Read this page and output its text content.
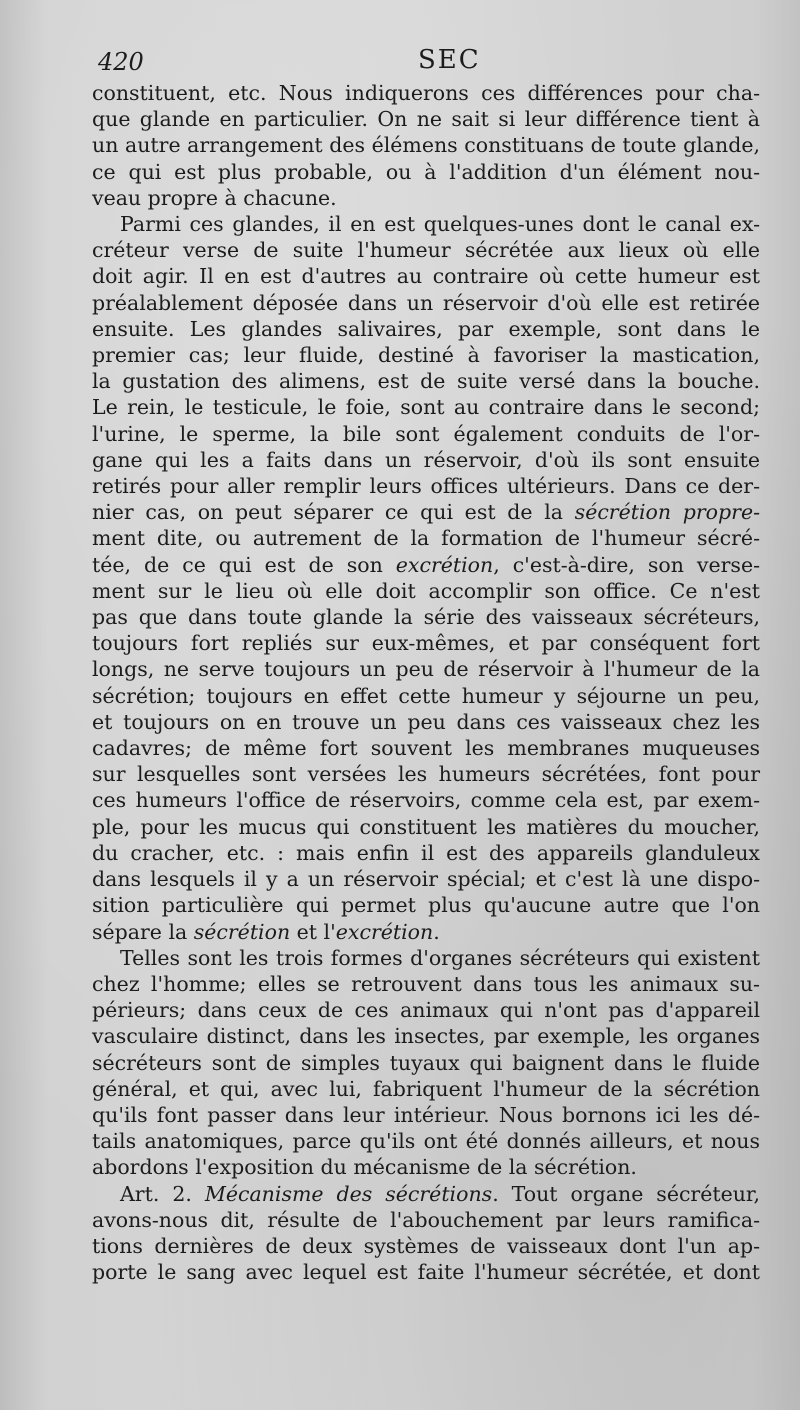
420	SEC

constituent, etc. Nous indiquerons ces différences pour cha-
que glande en particulier. On ne sait si leur différence tient à
un autre arrangement des élémens constituans de toute glande,
ce qui est plus probable, ou à l'addition d'un élément nou-
veau propre à chacune.

Parmi ces glandes, il en est quelques-unes dont le canal ex-
créteur verse de suite l'humeur sécrétée aux lieux où elle
doit agir. Il en est d'autres au contraire où cette humeur est
préalablement déposée dans un réservoir d'où elle est retirée
ensuite. Les glandes salivaires, par exemple, sont dans le
premier cas; leur fluide, destiné à favoriser la mastication,
la gustation des alimens, est de suite versé dans la bouche.
Le rein, le testicule, le foie, sont au contraire dans le second;
l'urine, le sperme, la bile sont également conduits de l'or-
gane qui les a faits dans un réservoir, d'où ils sont ensuite
retirés pour aller remplir leurs offices ultérieurs. Dans ce der-
nier cas, on peut séparer ce qui est de la sécrétion propre-
ment dite, ou autrement de la formation de l'humeur sécré-
tée, de ce qui est de son excrétion, c'est-à-dire, son verse-
ment sur le lieu où elle doit accomplir son office. Ce n'est
pas que dans toute glande la série des vaisseaux sécréteurs,
toujours fort repliés sur eux-mêmes, et par conséquent fort
longs, ne serve toujours un peu de réservoir à l'humeur de la
sécrétion; toujours en effet cette humeur y séjourne un peu,
et toujours on en trouve un peu dans ces vaisseaux chez les
cadavres; de même fort souvent les membranes muqueuses
sur lesquelles sont versées les humeurs sécrétées, font pour
ces humeurs l'office de réservoirs, comme cela est, par exem-
ple, pour les mucus qui constituent les matières du moucher,
du cracher, etc. : mais enfin il est des appareils glanduleux
dans lesquels il y a un réservoir spécial; et c'est là une dispo-
sition particulière qui permet plus qu'aucune autre que l'on
sépare la sécrétion et l'excrétion.

Telles sont les trois formes d'organes sécréteurs qui existent
chez l'homme; elles se retrouvent dans tous les animaux su-
périeurs; dans ceux de ces animaux qui n'ont pas d'appareil
vasculaire distinct, dans les insectes, par exemple, les organes
sécréteurs sont de simples tuyaux qui baignent dans le fluide
général, et qui, avec lui, fabriquent l'humeur de la sécrétion
qu'ils font passer dans leur intérieur. Nous bornons ici les dé-
tails anatomiques, parce qu'ils ont été donnés ailleurs, et nous
abordons l'exposition du mécanisme de la sécrétion.

Art. 2. Mécanisme des sécrétions. Tout organe sécréteur,
avons-nous dit, résulte de l'abouchement par leurs ramifica-
tions dernières de deux systèmes de vaisseaux dont l'un ap-
porte le sang avec lequel est faite l'humeur sécrétée, et dont
